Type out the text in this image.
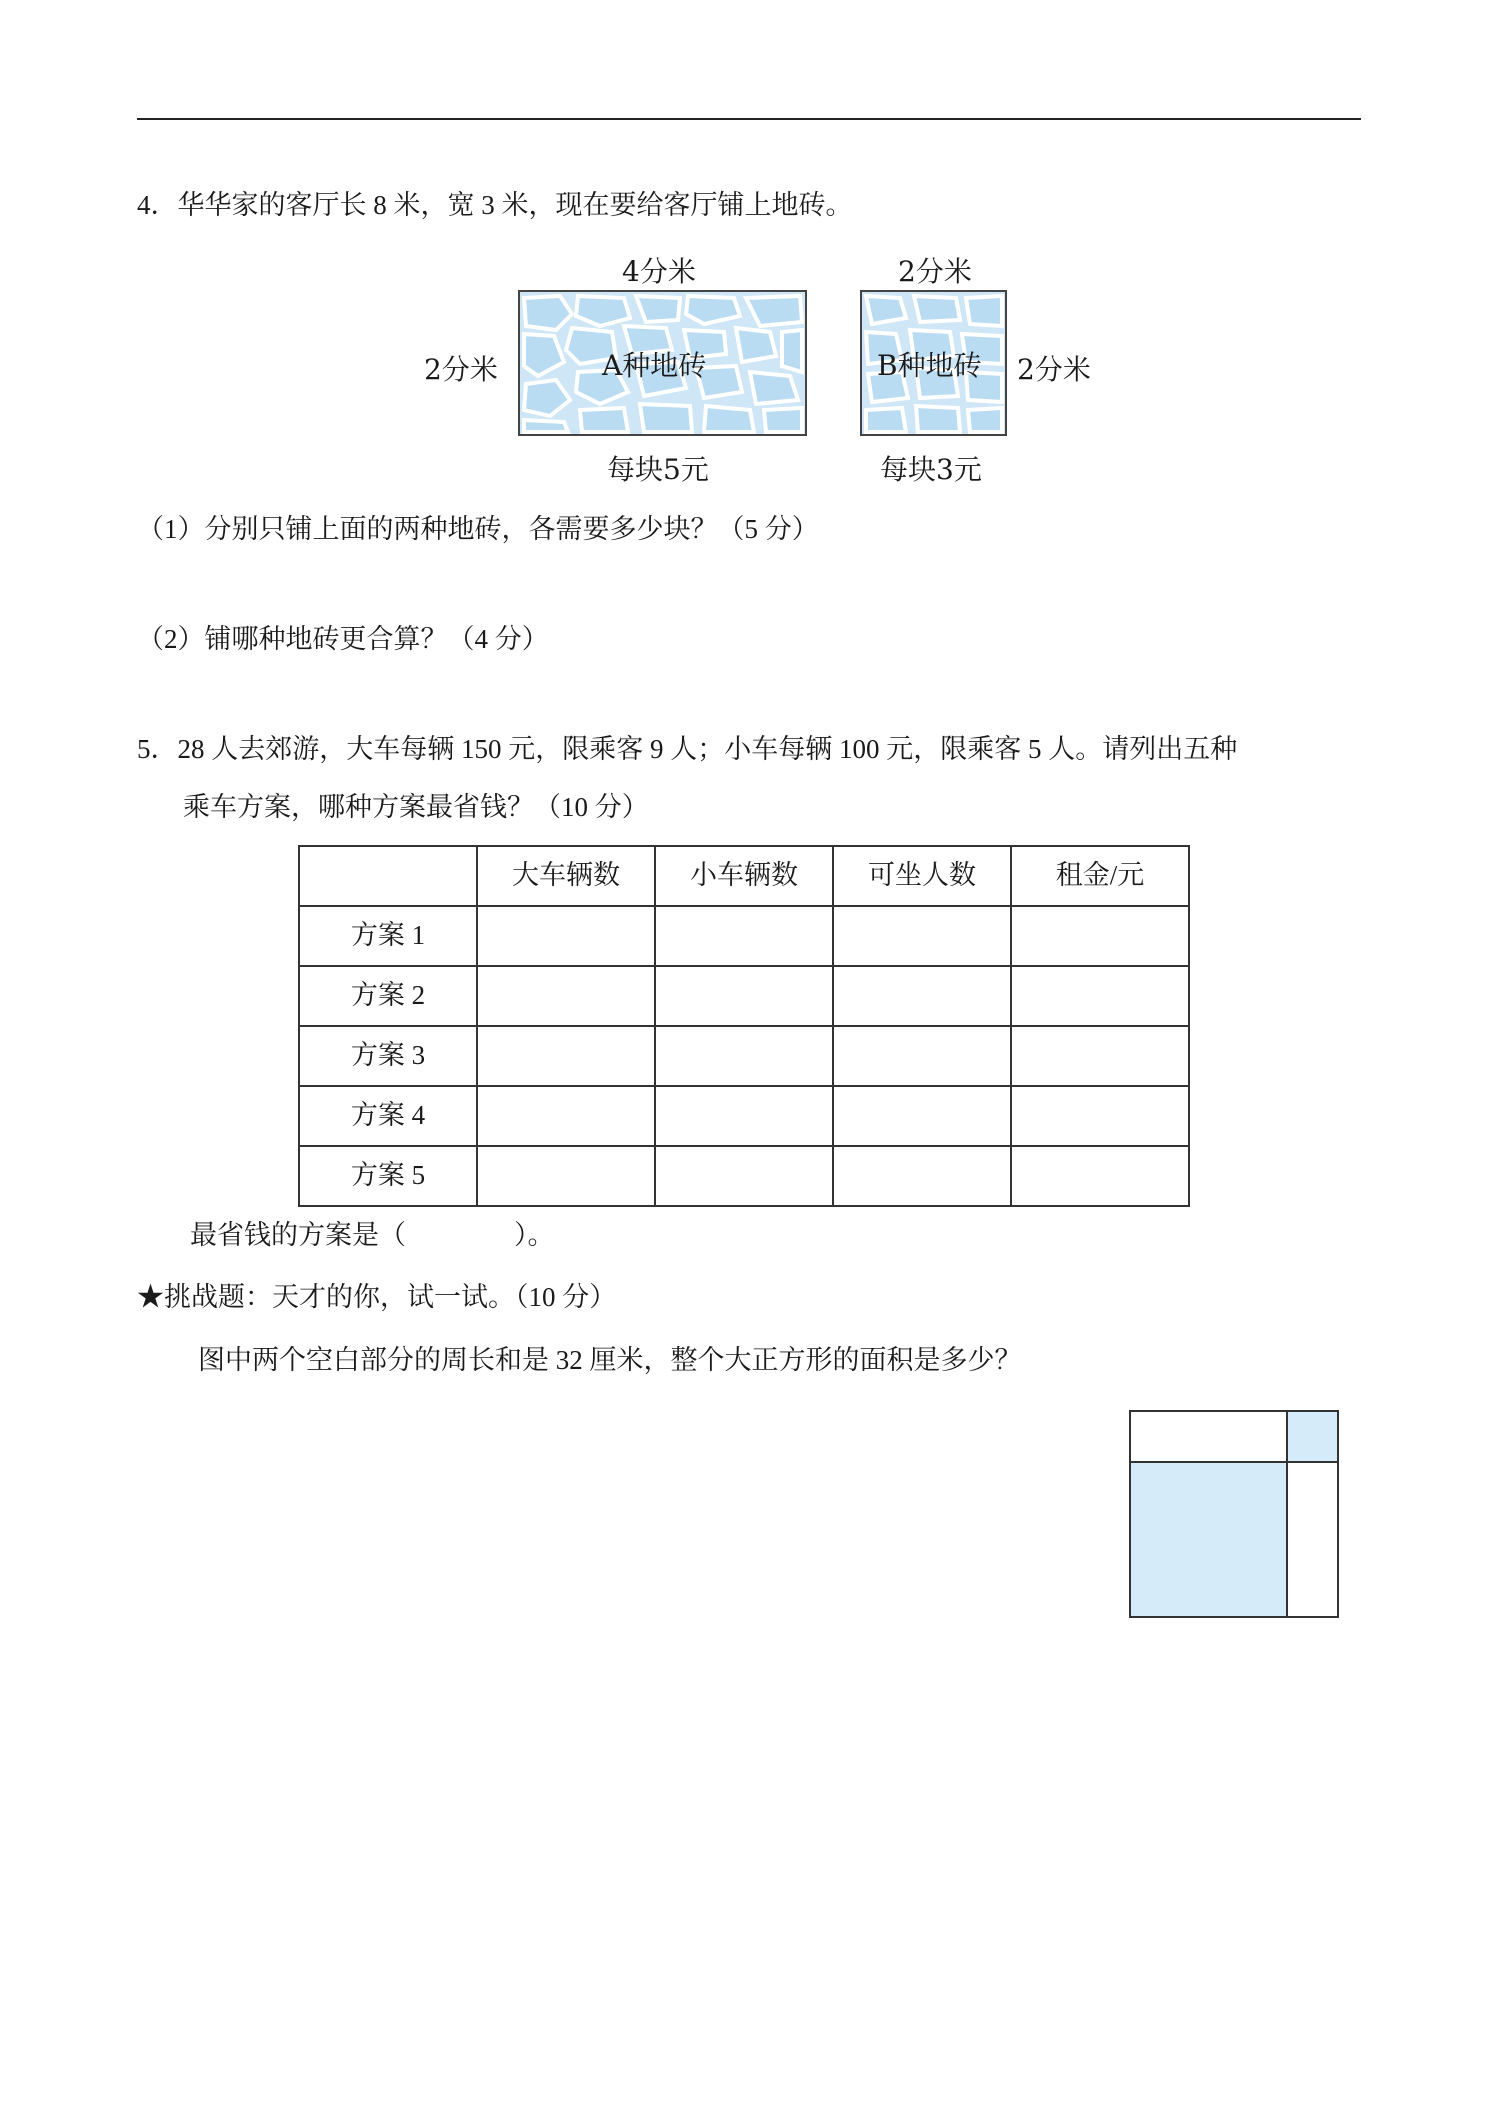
4．华华家的客厅长 8 米，宽 3 米，现在要给客厅铺上地砖。
4分米
2分米	A种地砖
每块5元
2分米
B种地砖 2分米
每块3元
（1）分别只铺上面的两种地砖，各需要多少块？（5 分）
（2）铺哪种地砖更合算？（4 分）
5．28 人去郊游，大车每辆 150 元，限乘客 9 人；小车每辆 100 元，限乘客 5 人。请列出五种
乘车方案，哪种方案最省钱？（10 分）
	大车辆数	小车辆数	可坐人数	租金/元
方案 1				
方案 2				
方案 3				
方案 4				
方案 5				
最省钱的方案是（　　　　）。
★挑战题：天才的你，试一试。（10 分）
图中两个空白部分的周长和是 32 厘米，整个大正方形的面积是多少？
